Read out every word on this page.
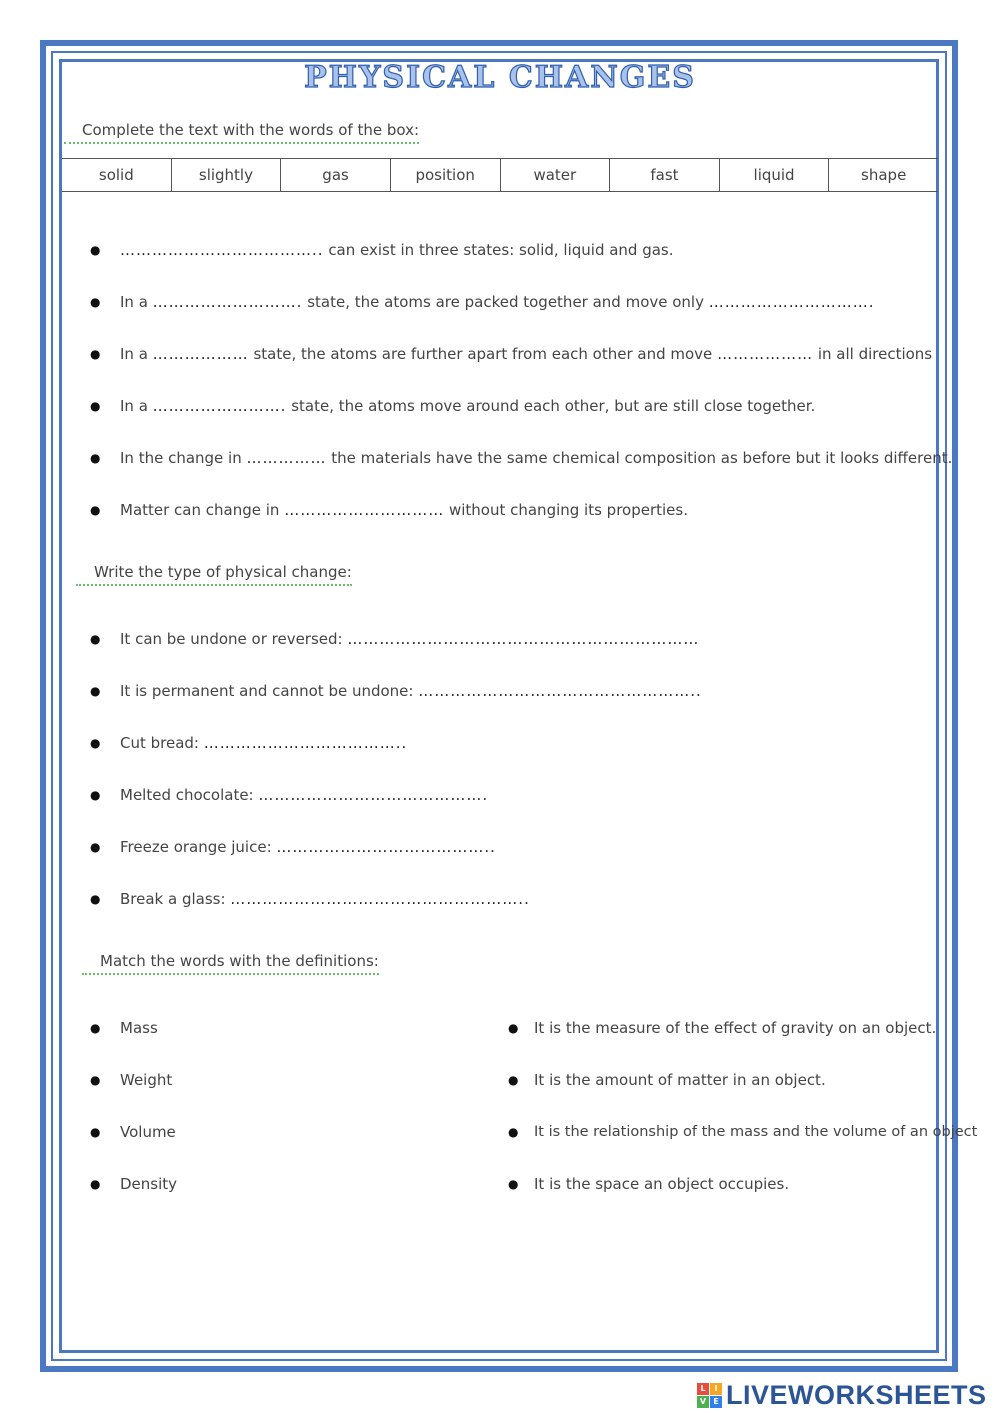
PHYSICAL CHANGES

Complete the text with the words of the box:

solid	slightly	gas	position	water	fast	liquid	shape
● ……………………………….. can exist in three states: solid, liquid and gas.
● In a ………………………. state, the atoms are packed together and move only ………………………….
● In a ……………… state, the atoms are further apart from each other and move ……………… in all directions
● In a ……………………. state, the atoms move around each other, but are still close together.
● In the change in …………… the materials have the same chemical composition as before but it looks different.
● Matter can change in ………………………… without changing its properties.

Write the type of physical change:

● It can be undone or reversed: …………………………………………………………
● It is permanent and cannot be undone: ……………………………………………..
● Cut bread: ………………………………..
● Melted chocolate: …………………………………….
● Freeze orange juice: …………………………………..
● Break a glass: ………………………………………………..

Match the words with the definitions:

● Mass
● Weight
● Volume
● Density
● It is the measure of the effect of gravity on an object.
● It is the amount of matter in an object.
● It is the relationship of the mass and the volume of an object
● It is the space an object occupies.
L	I
V E LIVEWORKSHEETS
